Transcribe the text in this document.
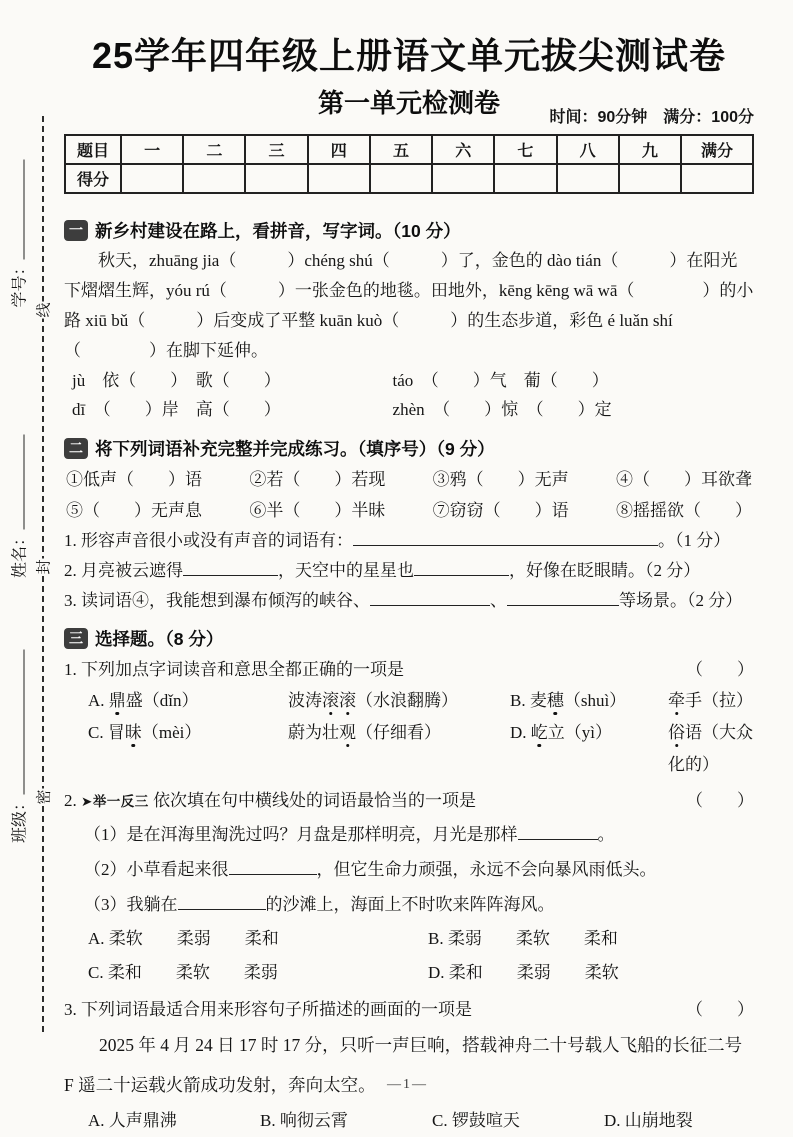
学号：
姓名：
班级：
线
封
密
25学年四年级上册语文单元拔尖测试卷
第一单元检测卷	时间：90分钟　满分：100分
题目	一	二	三	四	五	六	七	八	九	满分
得分										
一 新乡村建设在路上，看拼音，写字词。（10 分）
秋天，zhuāng jia（　　　）chéng shú（　　　）了，金色的 dào tián（　　　）在阳光下熠熠生辉，yóu rú（　　　）一张金色的地毯。田地外，kēng kēng wā wā（　　　　）的小路 xiū bǔ（　　　）后变成了平整 kuān kuò（　　　）的生态步道，彩色 é luǎn shí（　　　　）在脚下延伸。
jù　依（　　）　歌（　　）	táo　（　　）气　葡（　　）
dī　（　　）岸　高（　　）	zhèn　（　　）惊　（　　）定
二 将下列词语补充完整并完成练习。（填序号）（9 分）
①低声（　　）语	②若（　　）若现	③鸦（　　）无声	④（　　）耳欲聋
⑤（　　）无声息	⑥半（　　）半昧	⑦窃窃（　　）语	⑧摇摇欲（　　）
1. 形容声音很小或没有声音的词语有：	。（1 分）
2. 月亮被云遮得	，天空中的星星也	，好像在眨眼睛。（2 分）
3. 读词语④，我能想到瀑布倾泻的峡谷、	、	等场景。（2 分）
三 选择题。（8 分）
1. 下列加点字词读音和意思全都正确的一项是	（　　）
A. 鼎盛（dǐn）	波涛滚滚（水浪翻腾）	B. 麦穗（shuì）	牵手（拉）
C. 冒昧（mèi）	蔚为壮观（仔细看）	D. 屹立（yì）	俗语（大众化的）
2. ➤举一反三 依次填在句中横线处的词语最恰当的一项是	（　　）
（1）是在洱海里淘洗过吗？月盘是那样明亮，月光是那样	。
（2）小草看起来很	，但它生命力顽强，永远不会向暴风雨低头。
（3）我躺在	的沙滩上，海面上不时吹来阵阵海风。
A. 柔软　　柔弱　　柔和	B. 柔弱　　柔软　　柔和
C. 柔和　　柔软　　柔弱	D. 柔和　　柔弱　　柔软
3. 下列词语最适合用来形容句子所描述的画面的一项是	（　　）
2025 年 4 月 24 日 17 时 17 分，只听一声巨响，搭载神舟二十号载人飞船的长征二号 F 遥二十运载火箭成功发射，奔向太空。
A. 人声鼎沸	B. 响彻云霄	C. 锣鼓喧天	D. 山崩地裂
—1—
